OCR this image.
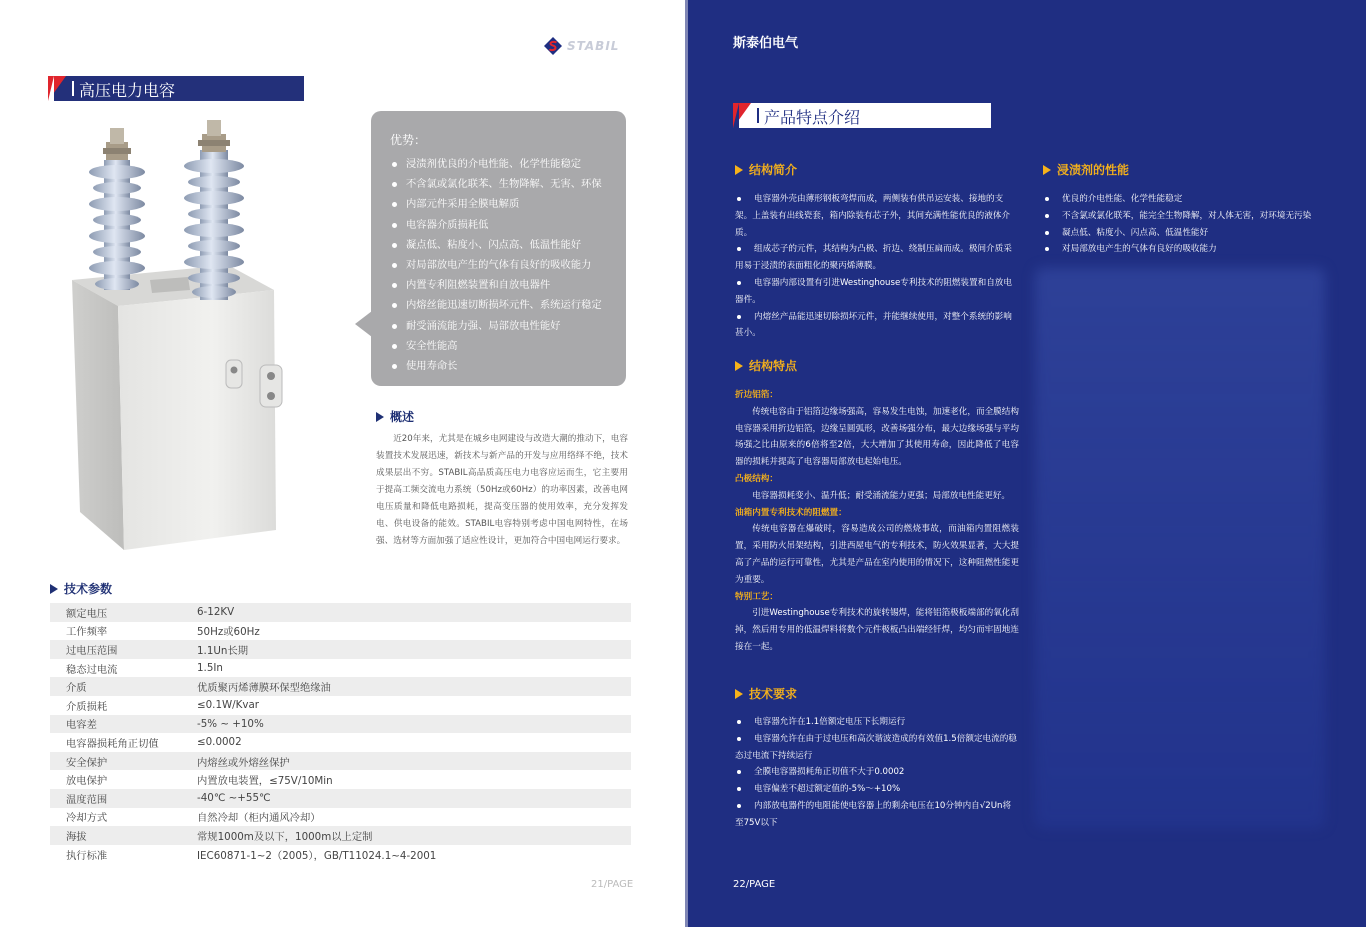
STABIL
高压电力电容
优势：
浸渍剂优良的介电性能、化学性能稳定
不含氯或氯化联苯、生物降解、无害、环保
内部元件采用全膜电解质
电容器介质损耗低
凝点低、粘度小、闪点高、低温性能好
对局部放电产生的气体有良好的吸收能力
内置专利阻燃装置和自放电器件
内熔丝能迅速切断损坏元件、系统运行稳定
耐受涌流能力强、局部放电性能好
安全性能高
使用寿命长
概述

近20年来，尤其是在城乡电网建设与改造大潮的推动下，电容装置技术发展迅速，新技术与新产品的开发与应用络绎不绝，技术成果层出不穷。STABIL高品质高压电力电容应运而生，它主要用于提高工频交流电力系统（50Hz或60Hz）的功率因素，改善电网电压质量和降低电路损耗，提高变压器的使用效率，充分发挥发电、供电设备的能效。STABIL电容特别考虑中国电网特性，在场强、选材等方面加强了适应性设计，更加符合中国电网运行要求。

技术参数
额定电压	6-12KV
工作频率	50Hz或60Hz
过电压范围	1.1Un长期
稳态过电流	1.5In
介质	优质聚丙烯薄膜环保型绝缘油
介质损耗	≤0.1W/Kvar
电容差	-5% ~ +10%
电容器损耗角正切值	≤0.0002
安全保护	内熔丝或外熔丝保护
放电保护	内置放电装置，≤75V/10Min
温度范围	-40℃ ~+55℃
冷却方式	自然冷却（柜内通风冷却）
海拔	常规1000m及以下，1000m以上定制
执行标准	IEC60871-1~2（2005），GB/T11024.1~4-2001
21/PAGE
斯泰伯电气
产品特点介绍
结构简介
电容器外壳由薄形钢板弯焊而成，两侧装有供吊运安装、接地的支架。上盖装有出线瓷套，箱内除装有芯子外，其间充满性能优良的液体介质。
组成芯子的元件，其结构为凸极、折边、绕制压扁而成。极间介质采用易于浸渍的表面粗化的聚丙烯薄膜。
电容器内部设置有引进Westinghouse专利技术的阻燃装置和自放电器件。
内熔丝产品能迅速切除损坏元件，并能继续使用，对整个系统的影响甚小。
浸渍剂的性能
优良的介电性能、化学性能稳定
不含氯或氯化联苯，能完全生物降解，对人体无害，对环境无污染
凝点低、粘度小、闪点高、低温性能好
对局部放电产生的气体有良好的吸收能力
结构特点
折边铝箔：

传统电容由于铝箔边缘场强高，容易发生电蚀，加速老化，而全膜结构电容器采用折边铝箔，边缘呈圆弧形，改善场强分布，最大边缘场强与平均场强之比由原来的6倍将至2倍，大大增加了其使用寿命，因此降低了电容器的损耗并提高了电容器局部放电起始电压。

凸极结构：

电容器损耗变小、温升低；耐受涌流能力更强；局部放电性能更好。

油箱内置专利技术的阻燃置：

传统电容器在爆破时，容易造成公司的燃烧事故，而油箱内置阻燃装置，采用防火吊架结构，引进西屋电气的专利技术，防火效果显著，大大提高了产品的运行可靠性，尤其是产品在室内使用的情况下，这种阻燃性能更为重要。

特别工艺：

引进Westinghouse专利技术的旋转锡焊，能将铝箔极板端部的氧化刮掉，然后用专用的低温焊料将数个元件极板凸出端经钎焊，均匀而牢固地连接在一起。

技术要求
电容器允许在1.1倍额定电压下长期运行
电容器允许在由于过电压和高次谐波造成的有效值1.5倍额定电流的稳态过电流下持续运行
全膜电容器损耗角正切值不大于0.0002
电容偏差不超过额定值的-5%～+10%
内部放电器件的电阻能使电容器上的剩余电压在10分钟内自√2Un将至75V以下
22/PAGE
